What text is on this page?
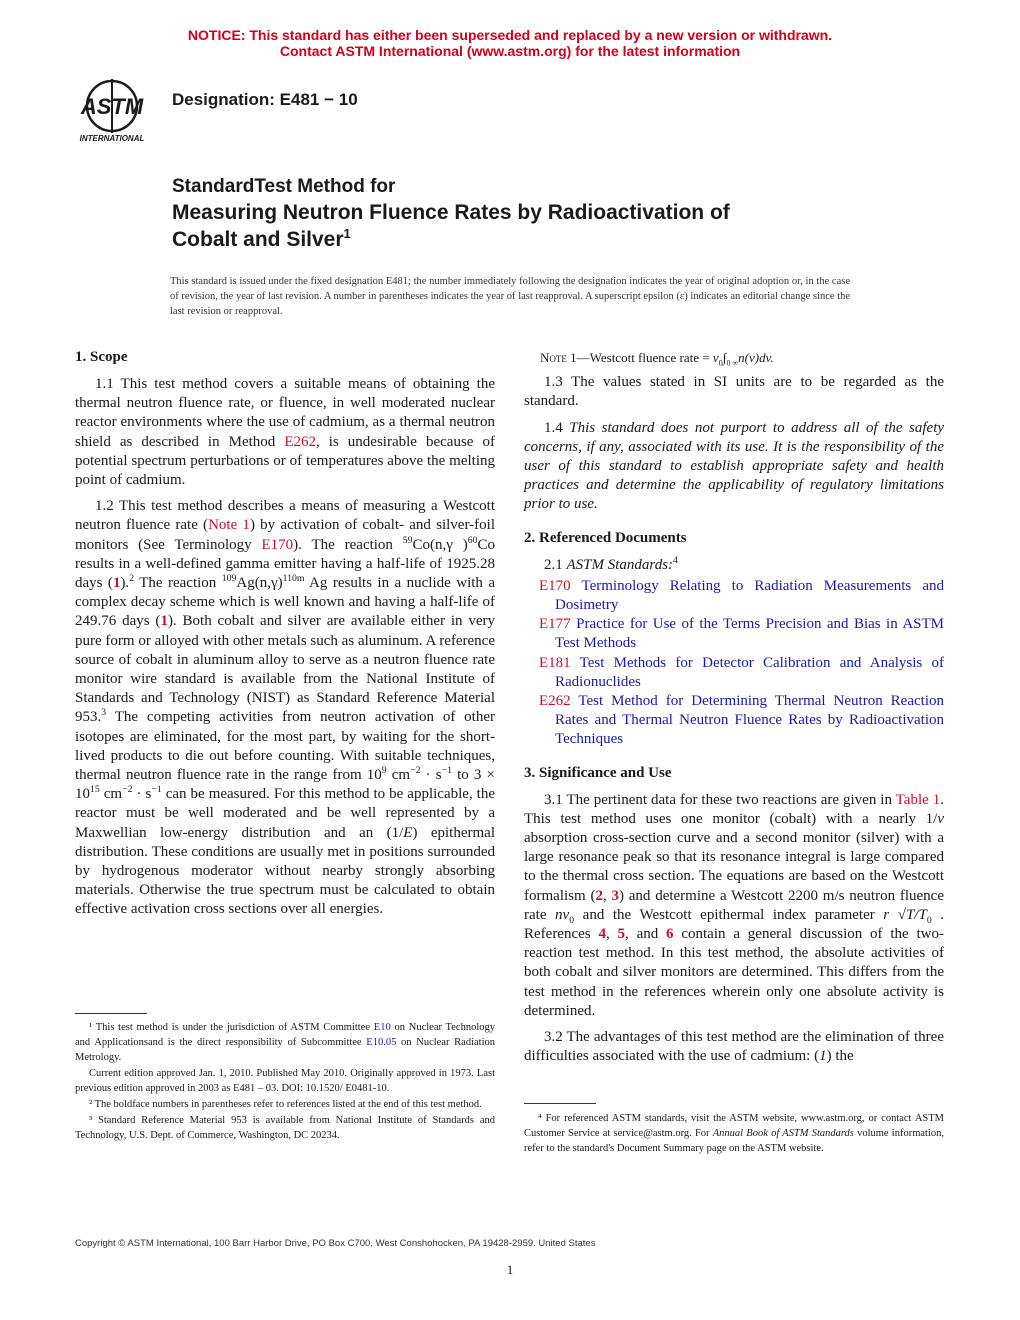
NOTICE: This standard has either been superseded and replaced by a new version or withdrawn.
Contact ASTM International (www.astm.org) for the latest information
ASTM
INTERNATIONAL
Designation: E481 − 10
StandardTest Method for
Measuring Neutron Fluence Rates by Radioactivation of
Cobalt and Silver$^1$
This standard is issued under the fixed designation E481; the number immediately following the designation indicates the year of original adoption or, in the case of revision, the year of last revision. A number in parentheses indicates the year of last reapproval. A superscript epsilon (ε) indicates an editorial change since the last revision or reapproval.
1. Scope

1.1 This test method covers a suitable means of obtaining the thermal neutron fluence rate, or fluence, in well moderated nuclear reactor environments where the use of cadmium, as a thermal neutron shield as described in Method E262, is undesirable because of potential spectrum perturbations or of temperatures above the melting point of cadmium.

1.2 This test method describes a means of measuring a Westcott neutron fluence rate (Note 1) by activation of cobalt- and silver-foil monitors (See Terminology E170). The reaction $^{59}$Co(n,γ )$^{60}$Co results in a well-defined gamma emitter having a half-life of 1925.28 days (1).$^2$ The reaction $^{109}Ag(n,\gamma)^{110m}$ Ag results in a nuclide with a complex decay scheme which is well known and having a half-life of 249.76 days (1). Both cobalt and silver are available either in very pure form or alloyed with other metals such as aluminum. A reference source of cobalt in aluminum alloy to serve as a neutron fluence rate monitor wire standard is available from the National Institute of Standards and Technology (NIST) as Standard Reference Material 953.$^3$ The competing activities from neutron activation of other isotopes are eliminated, for the most part, by waiting for the short-lived products to die out before counting. With suitable techniques, thermal neutron fluence rate in the range from $10^9$ $cm^{-2} \cdot s^{-1}$ to $3 \times 10^{15}$ $cm^{-2} \cdot s^{-1}$ can be measured. For this method to be applicable, the reactor must be well moderated and be well represented by a Maxwellian low-energy distribution and an (1/E) epithermal distribution. These conditions are usually met in positions surrounded by hydrogenous moderator without nearby strongly absorbing materials. Otherwise the true spectrum must be calculated to obtain effective activation cross sections over all energies.

¹ This test method is under the jurisdiction of ASTM Committee E10 on Nuclear Technology and Applicationsand is the direct responsibility of Subcommittee E10.05 on Nuclear Radiation Metrology.

Current edition approved Jan. 1, 2010. Published May 2010. Originally approved in 1973. Last previous edition approved in 2003 as E481 – 03. DOI: 10.1520/ E0481-10.

² The boldface numbers in parentheses refer to references listed at the end of this test method.

³ Standard Reference Material 953 is available from National Institute of Standards and Technology, U.S. Dept. of Commerce, Washington, DC 20234.

Note 1—Westcott fluence rate = $v_0\int_{0 \infty}n(v)dv$.

1.3 The values stated in SI units are to be regarded as the standard.

1.4 This standard does not purport to address all of the safety concerns, if any, associated with its use. It is the responsibility of the user of this standard to establish appropriate safety and health practices and determine the applicability of regulatory limitations prior to use.

2. Referenced Documents

2.1 ASTM Standards:$^4$

E170 Terminology Relating to Radiation Measurements and Dosimetry

E177 Practice for Use of the Terms Precision and Bias in ASTM Test Methods

E181 Test Methods for Detector Calibration and Analysis of Radionuclides

E262 Test Method for Determining Thermal Neutron Reaction Rates and Thermal Neutron Fluence Rates by Radioactivation Techniques

3. Significance and Use

3.1 The pertinent data for these two reactions are given in Table 1. This test method uses one monitor (cobalt) with a nearly 1/v absorption cross-section curve and a second monitor (silver) with a large resonance peak so that its resonance integral is large compared to the thermal cross section. The equations are based on the Westcott formalism (2, 3) and determine a Westcott 2200 m/s neutron fluence rate $nv_0$ and the Westcott epithermal index parameter r $√T/T_0$ . References 4, 5, and 6 contain a general discussion of the two-reaction test method. In this test method, the absolute activities of both cobalt and silver monitors are determined. This differs from the test method in the references wherein only one absolute activity is determined.

3.2 The advantages of this test method are the elimination of three difficulties associated with the use of cadmium: (1) the

⁴ For referenced ASTM standards, visit the ASTM website, www.astm.org, or contact ASTM Customer Service at service@astm.org. For Annual Book of ASTM Standards volume information, refer to the standard's Document Summary page on the ASTM website.

Copyright © ASTM International, 100 Barr Harbor Drive, PO Box C700, West Conshohocken, PA 19428-2959. United States
1
